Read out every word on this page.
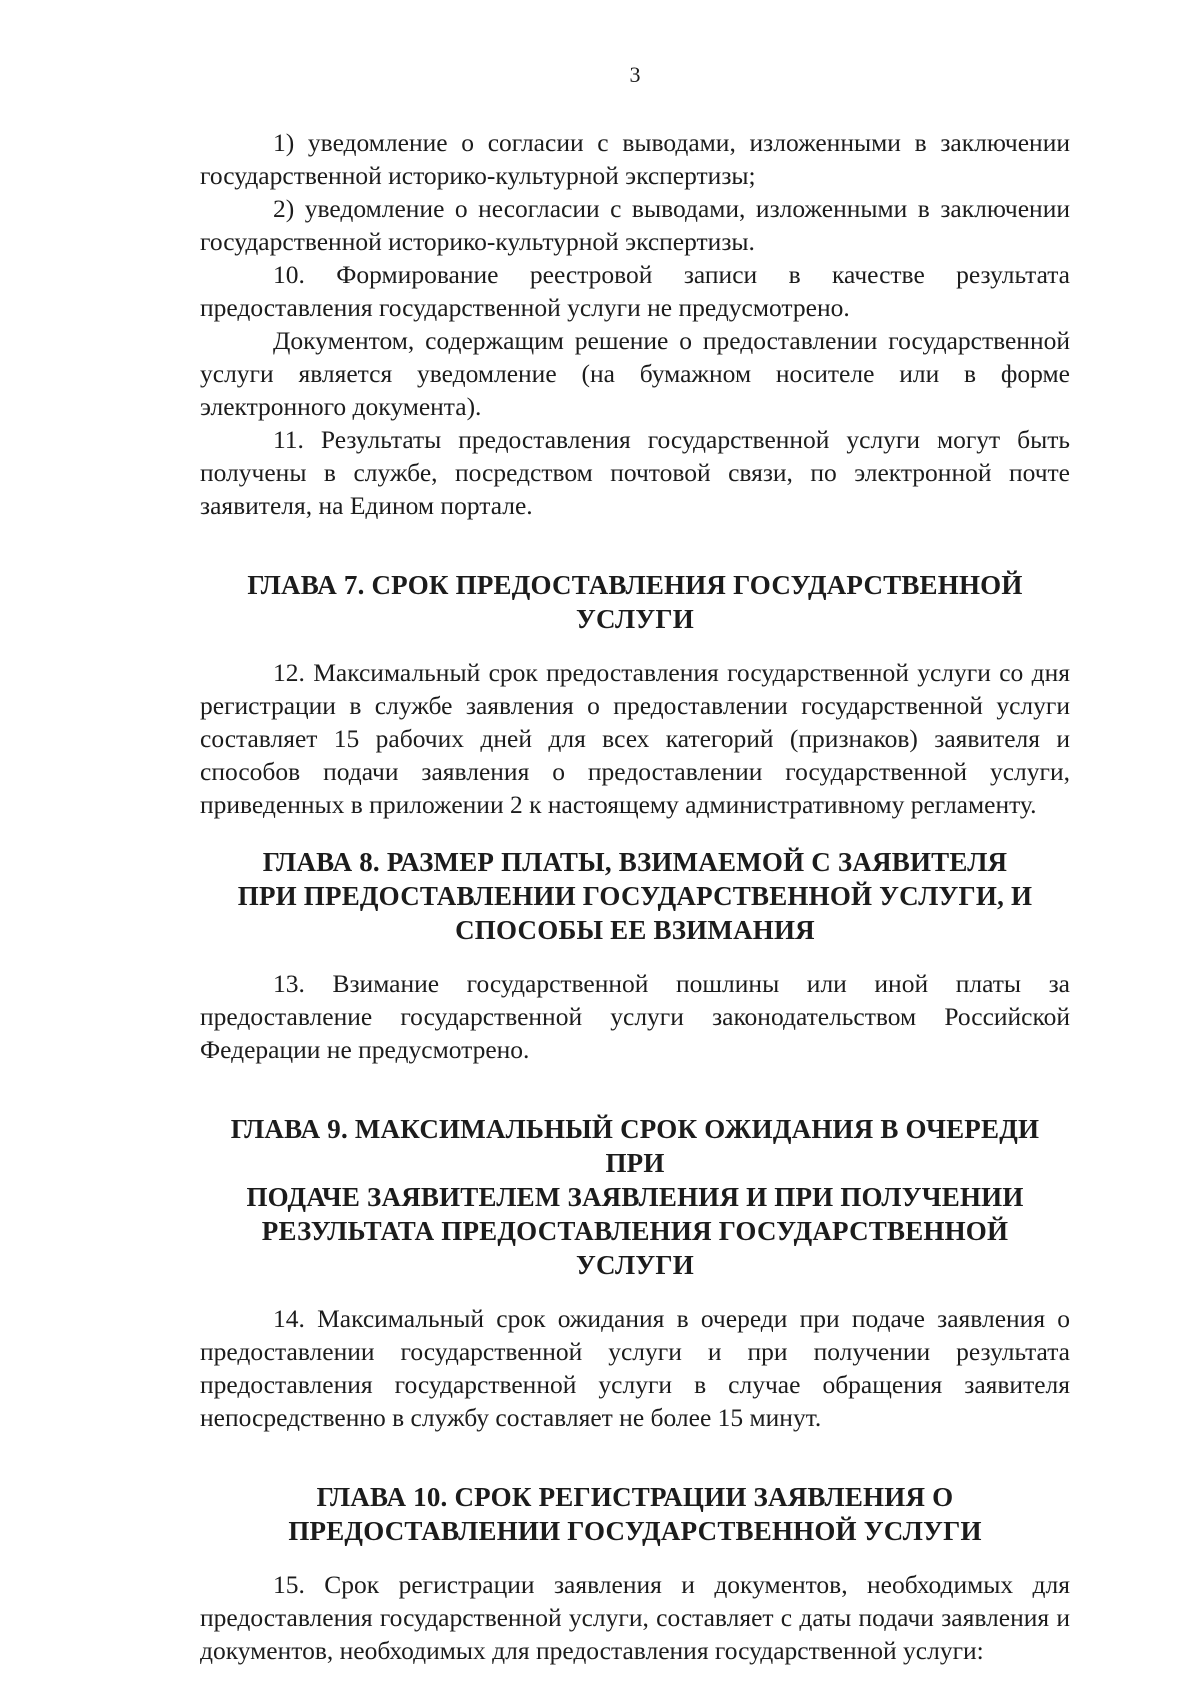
3

1) уведомление о согласии с выводами, изложенными в заключении государственной историко-культурной экспертизы;

2) уведомление о несогласии с выводами, изложенными в заключении государственной историко-культурной экспертизы.

10. Формирование реестровой записи в качестве результата предоставления государственной услуги не предусмотрено.

Документом, содержащим решение о предоставлении государственной услуги является уведомление (на бумажном носителе или в форме электронного документа).

11. Результаты предоставления государственной услуги могут быть получены в службе, посредством почтовой связи, по электронной почте заявителя, на Едином портале.

ГЛАВА 7. СРОК ПРЕДОСТАВЛЕНИЯ ГОСУДАРСТВЕННОЙ УСЛУГИ

12. Максимальный срок предоставления государственной услуги со дня регистрации в службе заявления о предоставлении государственной услуги составляет 15 рабочих дней для всех категорий (признаков) заявителя и способов подачи заявления о предоставлении государственной услуги, приведенных в приложении 2 к настоящему административному регламенту.

ГЛАВА 8. РАЗМЕР ПЛАТЫ, ВЗИМАЕМОЙ С ЗАЯВИТЕЛЯ
ПРИ ПРЕДОСТАВЛЕНИИ ГОСУДАРСТВЕННОЙ УСЛУГИ, И
СПОСОБЫ ЕЕ ВЗИМАНИЯ

13. Взимание государственной пошлины или иной платы за предоставление государственной услуги законодательством Российской Федерации не предусмотрено.

ГЛАВА 9. МАКСИМАЛЬНЫЙ СРОК ОЖИДАНИЯ В ОЧЕРЕДИ ПРИ
ПОДАЧЕ ЗАЯВИТЕЛЕМ ЗАЯВЛЕНИЯ И ПРИ ПОЛУЧЕНИИ
РЕЗУЛЬТАТА ПРЕДОСТАВЛЕНИЯ ГОСУДАРСТВЕННОЙ УСЛУГИ

14. Максимальный срок ожидания в очереди при подаче заявления о предоставлении государственной услуги и при получении результата предоставления государственной услуги в случае обращения заявителя непосредственно в службу составляет не более 15 минут.

ГЛАВА 10. СРОК РЕГИСТРАЦИИ ЗАЯВЛЕНИЯ О
ПРЕДОСТАВЛЕНИИ ГОСУДАРСТВЕННОЙ УСЛУГИ

15. Срок регистрации заявления и документов, необходимых для предоставления государственной услуги, составляет с даты подачи заявления и документов, необходимых для предоставления государственной услуги:
